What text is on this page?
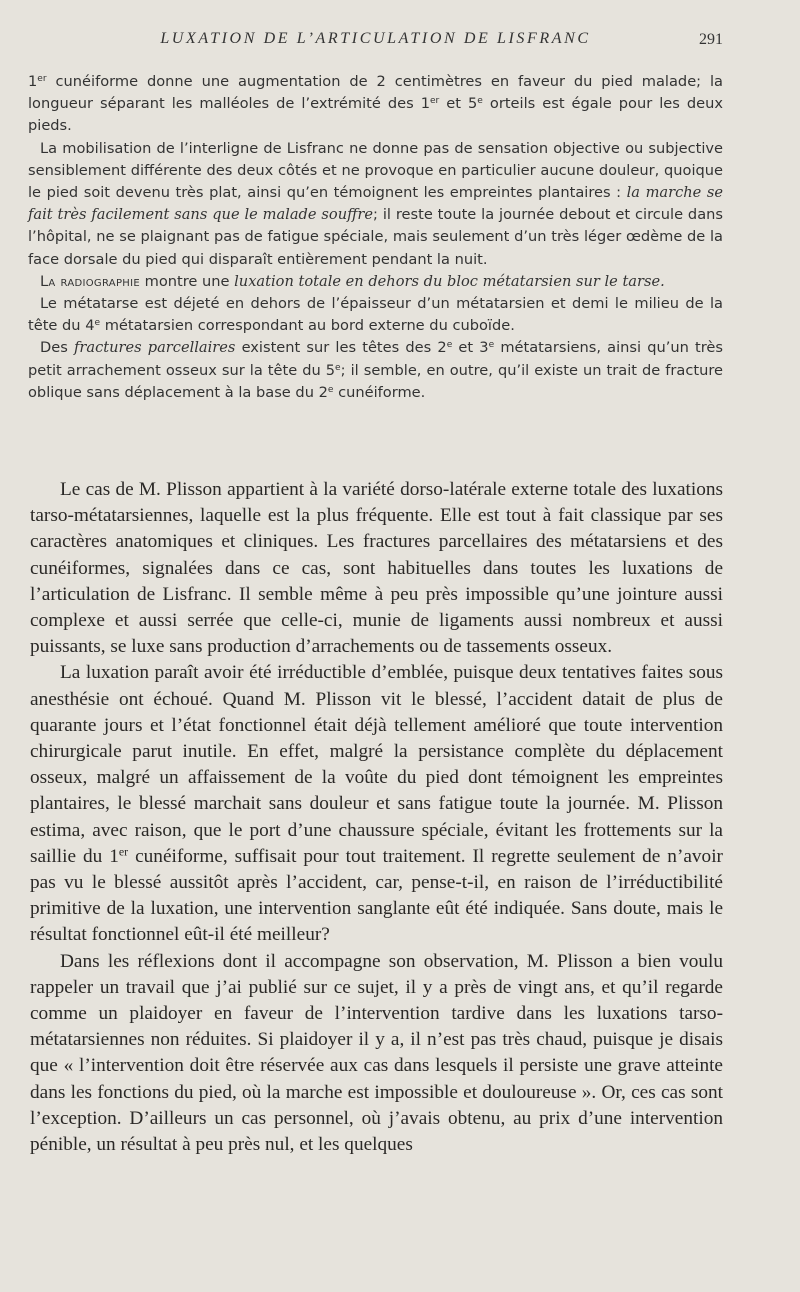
LUXATION DE L’ARTICULATION DE LISFRANC	291

1er cunéiforme donne une augmentation de 2 centimètres en faveur du pied malade; la longueur séparant les malléoles de l’extrémité des 1er et 5e orteils est égale pour les deux pieds.

La mobilisation de l’interligne de Lisfranc ne donne pas de sensation objective ou subjective sensiblement différente des deux côtés et ne provoque en particulier aucune douleur, quoique le pied soit devenu très plat, ainsi qu’en témoignent les empreintes plantaires : la marche se fait très facilement sans que le malade souffre; il reste toute la journée debout et circule dans l’hôpital, ne se plaignant pas de fatigue spéciale, mais seulement d’un très léger œdème de la face dorsale du pied qui disparaît entièrement pendant la nuit.

La radiographie montre une luxation totale en dehors du bloc métatarsien sur le tarse.

Le métatarse est déjeté en dehors de l’épaisseur d’un métatarsien et demi le milieu de la tête du 4e métatarsien correspondant au bord externe du cuboïde.

Des fractures parcellaires existent sur les têtes des 2e et 3e métatarsiens, ainsi qu’un très petit arrachement osseux sur la tête du 5e; il semble, en outre, qu’il existe un trait de fracture oblique sans déplacement à la base du 2e cunéiforme.

Le cas de M. Plisson appartient à la variété dorso-latérale externe totale des luxations tarso-métatarsiennes, laquelle est la plus fréquente. Elle est tout à fait classique par ses caractères anatomiques et cliniques. Les fractures parcellaires des métatarsiens et des cunéiformes, signalées dans ce cas, sont habituelles dans toutes les luxations de l’articulation de Lisfranc. Il semble même à peu près impossible qu’une jointure aussi complexe et aussi serrée que celle-ci, munie de ligaments aussi nombreux et aussi puissants, se luxe sans production d’arrachements ou de tassements osseux.

La luxation paraît avoir été irréductible d’emblée, puisque deux tentatives faites sous anesthésie ont échoué. Quand M. Plisson vit le blessé, l’accident datait de plus de quarante jours et l’état fonctionnel était déjà tellement amélioré que toute intervention chirurgicale parut inutile. En effet, malgré la persistance complète du déplacement osseux, malgré un affaissement de la voûte du pied dont témoignent les empreintes plantaires, le blessé marchait sans douleur et sans fatigue toute la journée. M. Plisson estima, avec raison, que le port d’une chaussure spéciale, évitant les frottements sur la saillie du 1er cunéiforme, suffisait pour tout traitement. Il regrette seulement de n’avoir pas vu le blessé aussitôt après l’accident, car, pense-t-il, en raison de l’irréductibilité primitive de la luxation, une intervention sanglante eût été indiquée. Sans doute, mais le résultat fonctionnel eût-il été meilleur?

Dans les réflexions dont il accompagne son observation, M. Plisson a bien voulu rappeler un travail que j’ai publié sur ce sujet, il y a près de vingt ans, et qu’il regarde comme un plaidoyer en faveur de l’intervention tardive dans les luxations tarso-métatarsiennes non réduites. Si plaidoyer il y a, il n’est pas très chaud, puisque je disais que « l’intervention doit être réservée aux cas dans lesquels il persiste une grave atteinte dans les fonctions du pied, où la marche est impossible et douloureuse ». Or, ces cas sont l’exception. D’ailleurs un cas personnel, où j’avais obtenu, au prix d’une intervention pénible, un résultat à peu près nul, et les quelques
